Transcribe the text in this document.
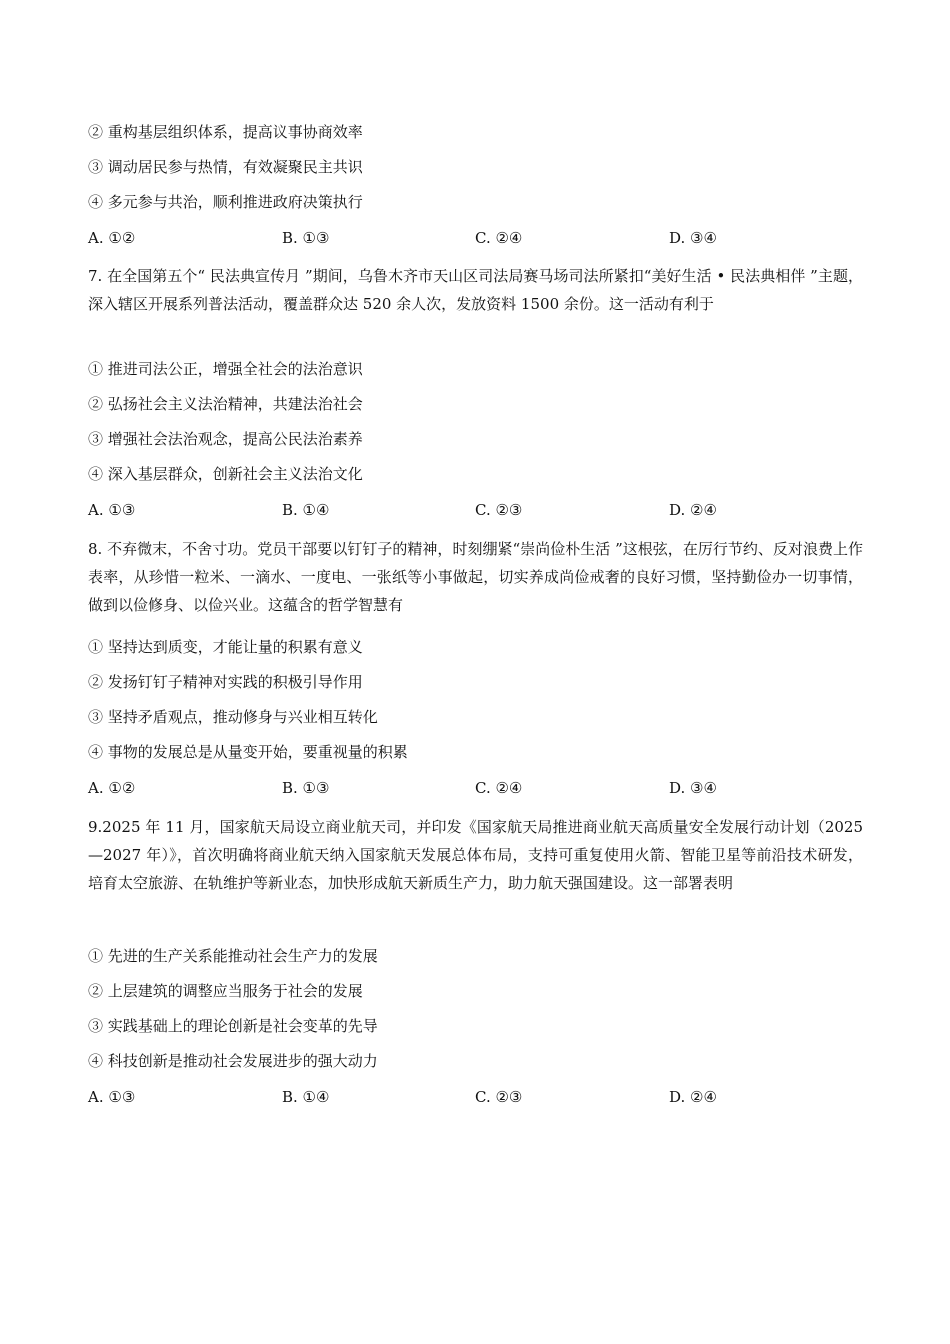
② 重构基层组织体系，提高议事协商效率
③ 调动居民参与热情，有效凝聚民主共识
④ 多元参与共治，顺利推进政府决策执行
A. ①②	B. ①③	C. ②④	D. ③④
7. 在全国第五个“ 民法典宣传月 ”期间，乌鲁木齐市天山区司法局赛马场司法所紧扣“美好生活 • 民法典相伴 ”主题，深入辖区开展系列普法活动，覆盖群众达 520 余人次，发放资料 1500 余份。这一活动有利于
① 推进司法公正，增强全社会的法治意识
② 弘扬社会主义法治精神，共建法治社会
③ 增强社会法治观念，提高公民法治素养
④ 深入基层群众，创新社会主义法治文化
A. ①③	B. ①④	C. ②③	D. ②④
8. 不弃微末，不舍寸功。党员干部要以钉钉子的精神，时刻绷紧“崇尚俭朴生活 ”这根弦，在厉行节约、反对浪费上作表率，从珍惜一粒米、一滴水、一度电、一张纸等小事做起，切实养成尚俭戒奢的良好习惯，坚持勤俭办一切事情，做到以俭修身、以俭兴业。这蕴含的哲学智慧有
① 坚持达到质变，才能让量的积累有意义
② 发扬钉钉子精神对实践的积极引导作用
③ 坚持矛盾观点，推动修身与兴业相互转化
④ 事物的发展总是从量变开始，要重视量的积累
A. ①②	B. ①③	C. ②④	D. ③④
9.2025 年 11 月，国家航天局设立商业航天司，并印发《国家航天局推进商业航天高质量安全发展行动计划（2025—2027 年）》，首次明确将商业航天纳入国家航天发展总体布局，支持可重复使用火箭、智能卫星等前沿技术研发，培育太空旅游、在轨维护等新业态，加快形成航天新质生产力，助力航天强国建设。这一部署表明
① 先进的生产关系能推动社会生产力的发展
② 上层建筑的调整应当服务于社会的发展
③ 实践基础上的理论创新是社会变革的先导
④ 科技创新是推动社会发展进步的强大动力
A. ①③	B. ①④	C. ②③	D. ②④
